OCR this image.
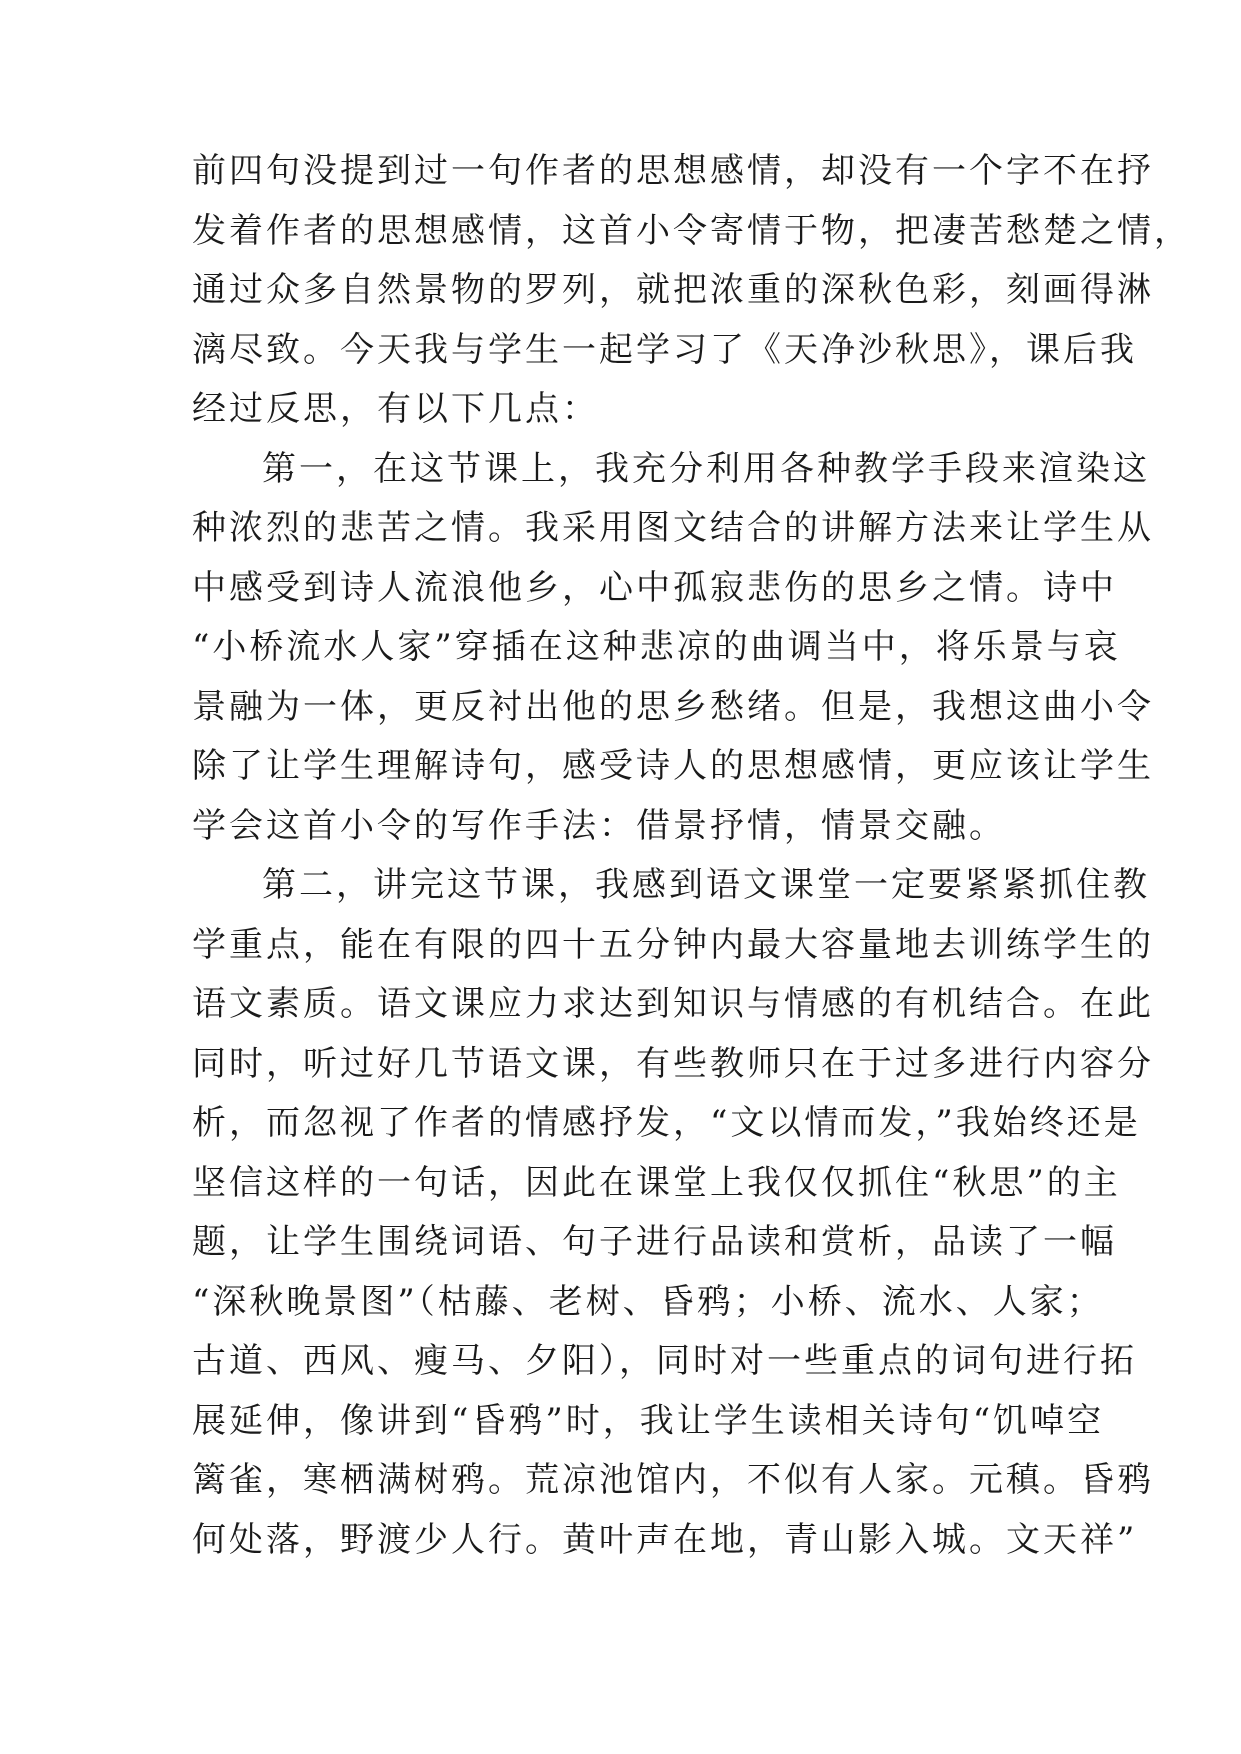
前四句没提到过一句作者的思想感情，却没有一个字不在抒
发着作者的思想感情，这首小令寄情于物，把凄苦愁楚之情，
通过众多自然景物的罗列，就把浓重的深秋色彩，刻画得淋
漓尽致。今天我与学生一起学习了《天净沙秋思》，课后我
经过反思，有以下几点：
第一，在这节课上，我充分利用各种教学手段来渲染这
种浓烈的悲苦之情。我采用图文结合的讲解方法来让学生从
中感受到诗人流浪他乡，心中孤寂悲伤的思乡之情。诗中
“小桥流水人家”穿插在这种悲凉的曲调当中，将乐景与哀
景融为一体，更反衬出他的思乡愁绪。但是，我想这曲小令
除了让学生理解诗句，感受诗人的思想感情，更应该让学生
学会这首小令的写作手法：借景抒情，情景交融。
第二，讲完这节课，我感到语文课堂一定要紧紧抓住教
学重点，能在有限的四十五分钟内最大容量地去训练学生的
语文素质。语文课应力求达到知识与情感的有机结合。在此
同时，听过好几节语文课，有些教师只在于过多进行内容分
析，而忽视了作者的情感抒发，“文以情而发，”我始终还是
坚信这样的一句话，因此在课堂上我仅仅抓住“秋思”的主
题，让学生围绕词语、句子进行品读和赏析，品读了一幅
“深秋晚景图”（枯藤、老树、昏鸦；小桥、流水、人家；
古道、西风、瘦马、夕阳），同时对一些重点的词句进行拓
展延伸，像讲到“昏鸦”时，我让学生读相关诗句“饥啅空
篱雀，寒栖满树鸦。荒凉池馆内，不似有人家。元稹。昏鸦
何处落，野渡少人行。黄叶声在地，青山影入城。文天祥”
